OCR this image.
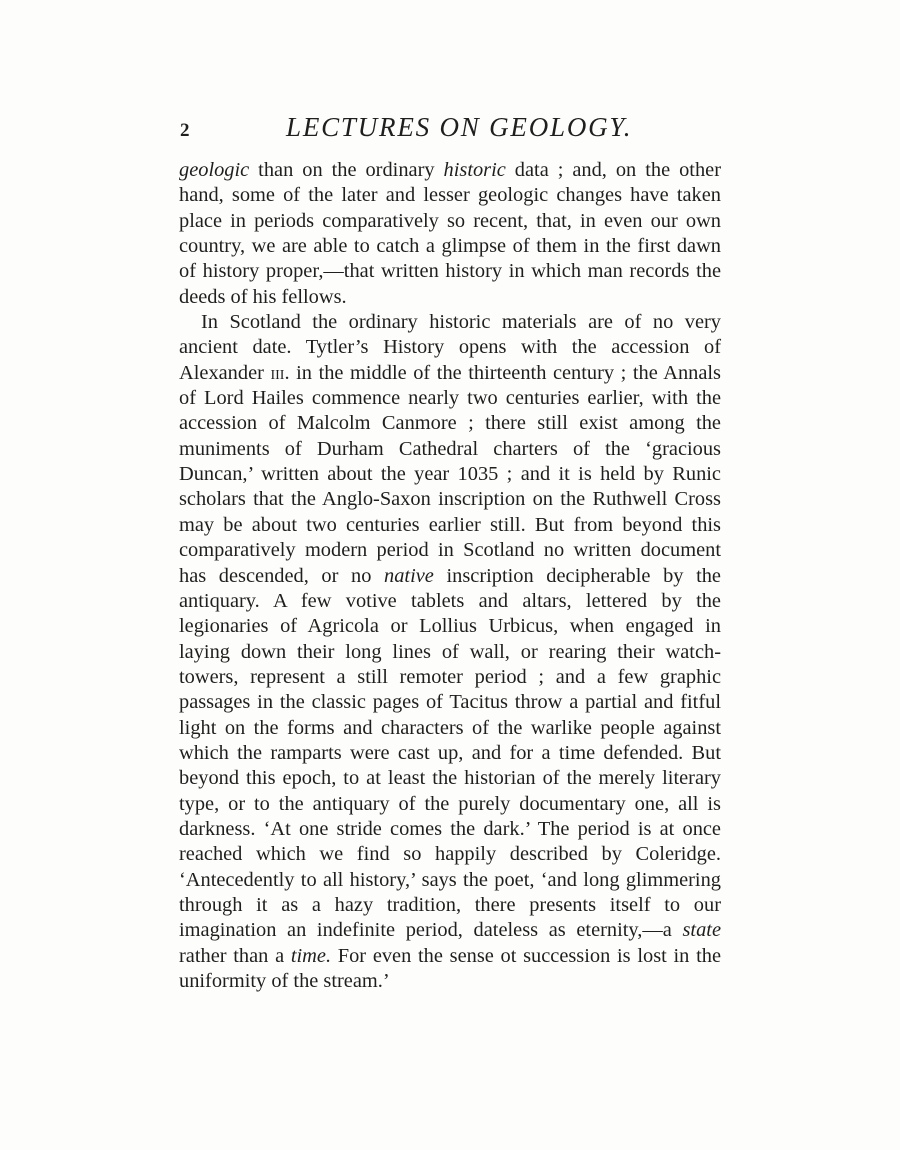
2	LECTURES ON GEOLOGY.

geologic than on the ordinary historic data ; and, on the other hand, some of the later and lesser geologic changes have taken place in periods comparatively so recent, that, in even our own country, we are able to catch a glimpse of them in the first dawn of history proper,—that written history in which man records the deeds of his fellows.

In Scotland the ordinary historic materials are of no very ancient date. Tytler’s History opens with the accession of Alexander iii. in the middle of the thirteenth century ; the Annals of Lord Hailes commence nearly two centuries earlier, with the accession of Malcolm Canmore ; there still exist among the muniments of Durham Cathedral charters of the ‘gracious Duncan,’ written about the year 1035 ; and it is held by Runic scholars that the Anglo-Saxon inscription on the Ruthwell Cross may be about two centuries earlier still. But from beyond this comparatively modern period in Scotland no written document has descended, or no native inscription decipherable by the antiquary. A few votive tablets and altars, lettered by the legionaries of Agricola or Lollius Urbicus, when engaged in laying down their long lines of wall, or rearing their watch-towers, represent a still remoter period ; and a few graphic passages in the classic pages of Tacitus throw a partial and fitful light on the forms and characters of the warlike people against which the ramparts were cast up, and for a time defended. But beyond this epoch, to at least the historian of the merely literary type, or to the antiquary of the purely documentary one, all is darkness. ‘At one stride comes the dark.’ The period is at once reached which we find so happily described by Coleridge. ‘Antecedently to all history,’ says the poet, ‘and long glimmering through it as a hazy tradition, there presents itself to our imagination an indefinite period, dateless as eternity,—a state rather than a time. For even the sense ot succession is lost in the uniformity of the stream.’
